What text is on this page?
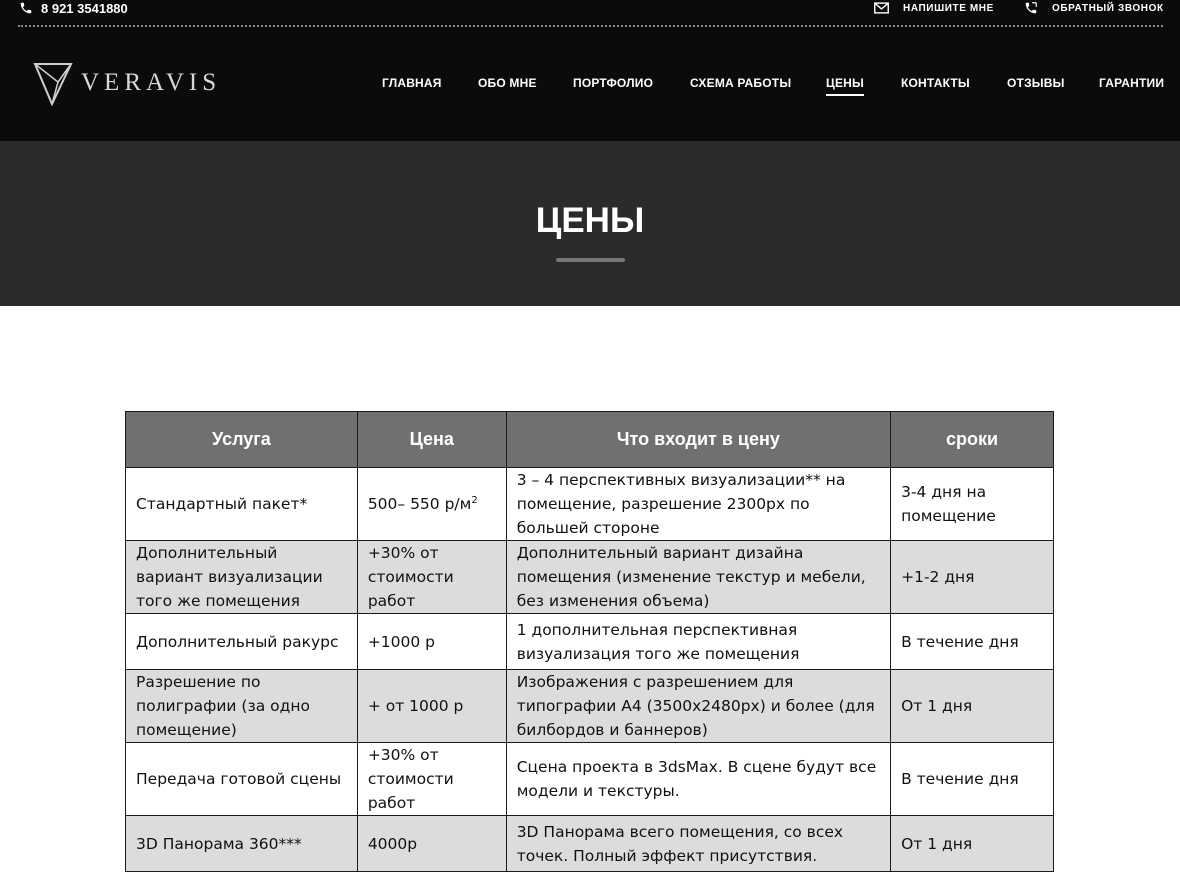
8 921 3541880	НАПИШИТЕ МНЕ	ОБРАТНЫЙ ЗВОНОК
VERAVIS	ГЛАВНАЯ	ОБО МНЕ	ПОРТФОЛИО	СХЕМА РАБОТЫ	ЦЕНЫ	КОНТАКТЫ	ОТЗЫВЫ	ГАРАНТИИ
ЦЕНЫ
Услуга	Цена	Что входит в цену	сроки
Стандартный пакет*	500– 550 $р/м^2$	3 – 4 перспективных визуализации** на помещение, разрешение 2300px по большей стороне	3-4 дня на помещение
Дополнительный вариант визуализации того же помещения	+30% от стоимости работ	Дополнительный вариант дизайна помещения (изменение текстур и мебели, без изменения объема)	+1-2 дня
Дополнительный ракурс	+1000 р	1 дополнительная перспективная визуализация того же помещения	В течение дня
Разрешение по полиграфии (за одно помещение)	+ от 1000 р	Изображения с разрешением для типографии А4 (3500х2480px) и более (для билбордов и баннеров)	От 1 дня
Передача готовой сцены	+30% от стоимости работ	Сцена проекта в 3dsMax. В сцене будут все модели и текстуры.	В течение дня
3D Панорама 360***	4000р	3D Панорама всего помещения, со всех точек. Полный эффект присутствия.	От 1 дня
